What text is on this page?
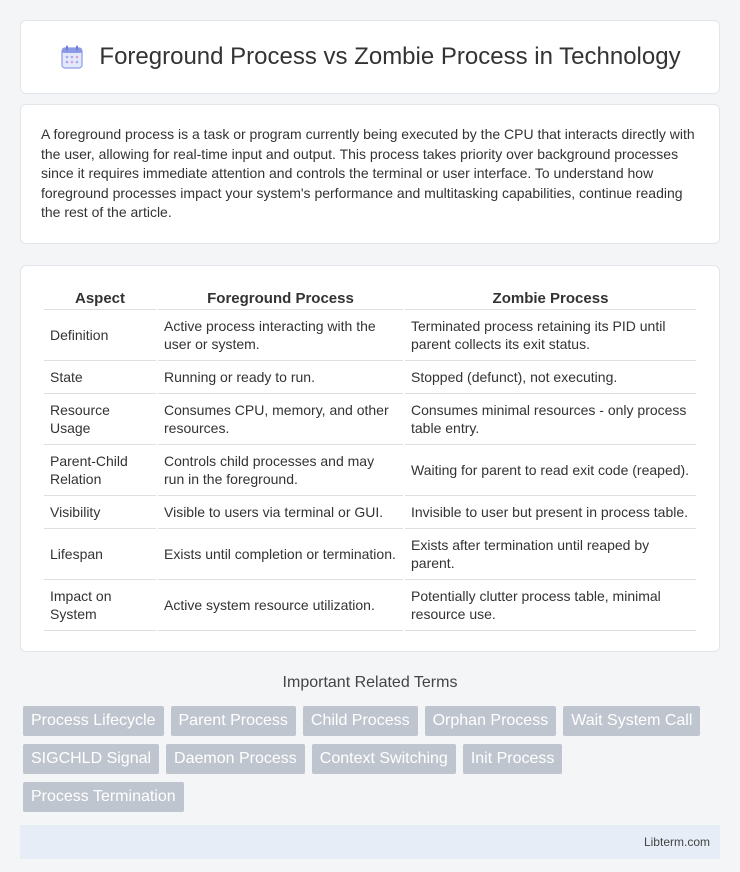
Foreground Process vs Zombie Process in Technology

A foreground process is a task or program currently being executed by the CPU that interacts directly with the user, allowing for real-time input and output. This process takes priority over background processes since it requires immediate attention and controls the terminal or user interface. To understand how foreground processes impact your system's performance and multitasking capabilities, continue reading the rest of the article.

Aspect	Foreground Process	Zombie Process
Definition	Active process interacting with the user or system.	Terminated process retaining its PID until parent collects its exit status.
State	Running or ready to run.	Stopped (defunct), not executing.
Resource Usage	Consumes CPU, memory, and other resources.	Consumes minimal resources - only process table entry.
Parent-Child Relation	Controls child processes and may run in the foreground.	Waiting for parent to read exit code (reaped).
Visibility	Visible to users via terminal or GUI.	Invisible to user but present in process table.
Lifespan	Exists until completion or termination.	Exists after termination until reaped by parent.
Impact on System	Active system resource utilization.	Potentially clutter process table, minimal resource use.
Important Related Terms
Process Lifecycle	Parent Process	Child Process	Orphan Process	Wait System Call
SIGCHLD Signal	Daemon Process	Context Switching	Init Process
Process Termination
Libterm.com
